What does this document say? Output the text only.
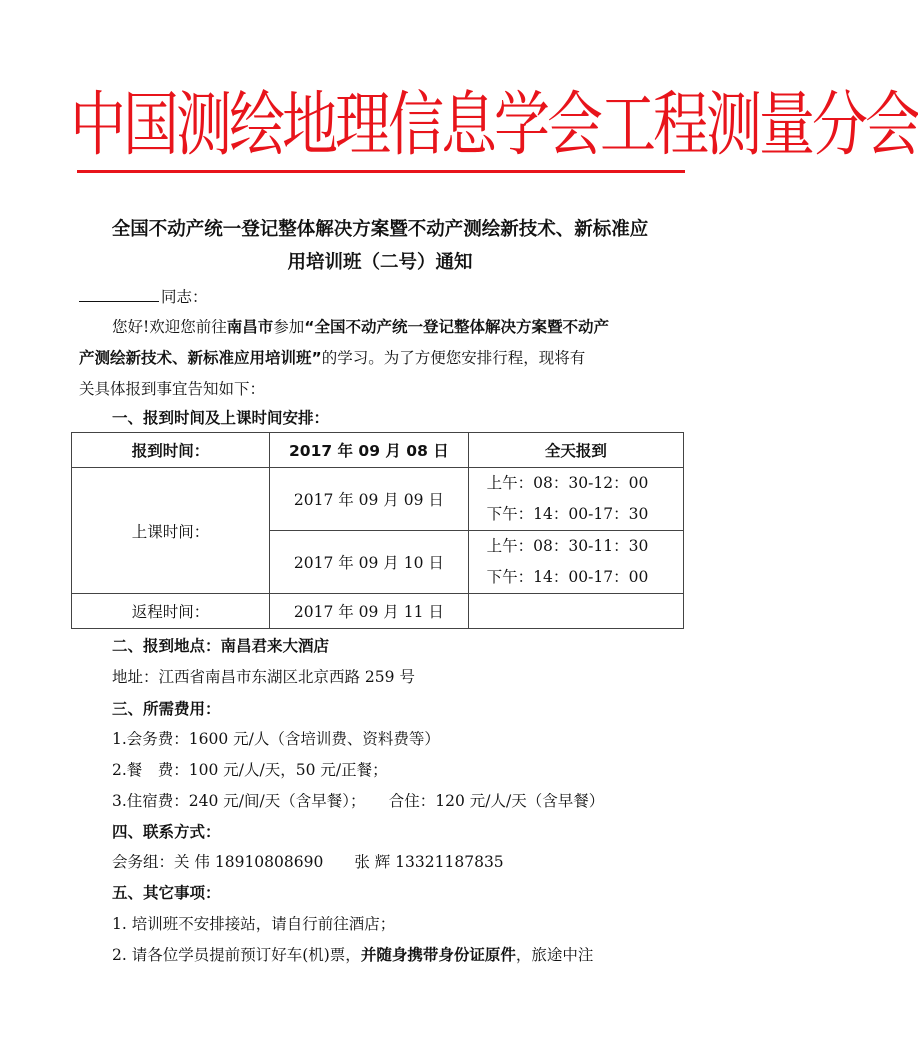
中国测绘地理信息学会工程测量分会
全国不动产统一登记整体解决方案暨不动产测绘新技术、新标准应
用培训班（二号）通知
同志：
您好!欢迎您前往南昌市参加“全国不动产统一登记整体解决方案暨不动产
产测绘新技术、新标准应用培训班”的学习。为了方便您安排行程，现将有
关具体报到事宜告知如下：
一、报到时间及上课时间安排：
报到时间：	2017 年 09 月 08 日	全天报到
上课时间：	2017 年 09 月 09 日	上午：08：30-12：00
下午：14：00-17：30

	2017 年 09 月 10 日	上午：08：30-11：30
下午：14：00-17：00

返程时间：	2017 年 09 月 11 日	
二、报到地点：南昌君来大酒店
地址：江西省南昌市东湖区北京西路 259 号
三、所需费用：
1.会务费：1600 元/人（含培训费、资料费等）
2.餐　费：100 元/人/天，50 元/正餐；
3.住宿费：240 元/间/天（含早餐）；　　合住：120 元/人/天（含早餐）
四、联系方式：
会务组：关 伟 18910808690　　张 辉 13321187835
五、其它事项：
1. 培训班不安排接站，请自行前往酒店；
2. 请各位学员提前预订好车(机)票，并随身携带身份证原件，旅途中注
